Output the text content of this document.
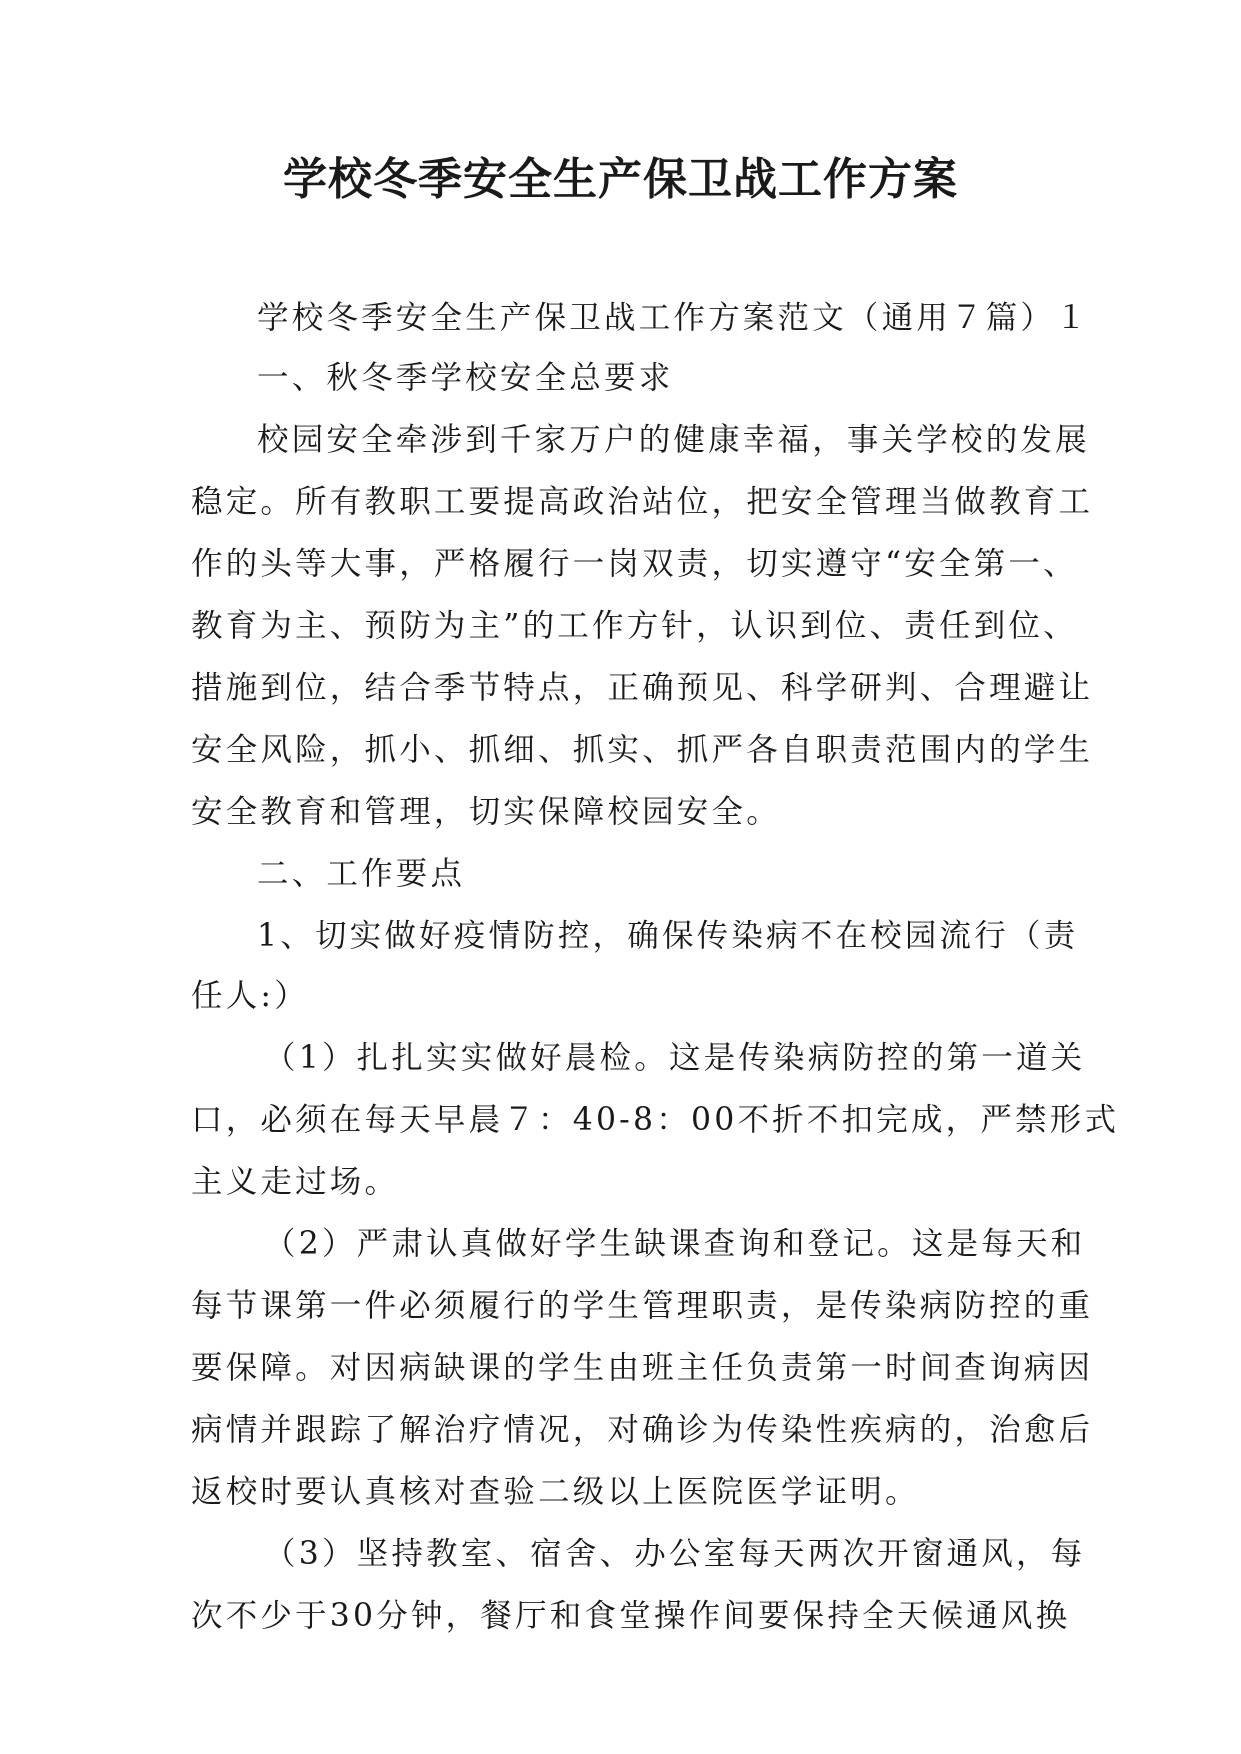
学校冬季安全生产保卫战工作方案
学校冬季安全生产保卫战工作方案范文（通用７篇）１
一、秋冬季学校安全总要求
校园安全牵涉到千家万户的健康幸福，事关学校的发展
稳定。所有教职工要提高政治站位，把安全管理当做教育工
作的头等大事，严格履行一岗双责，切实遵守“安全第一、
教育为主、预防为主”的工作方针，认识到位、责任到位、
措施到位，结合季节特点，正确预见、科学研判、合理避让
安全风险，抓小、抓细、抓实、抓严各自职责范围内的学生
安全教育和管理，切实保障校园安全。
二、工作要点
1、切实做好疫情防控，确保传染病不在校园流行（责
任人:）
（1）扎扎实实做好晨检。这是传染病防控的第一道关
口，必须在每天早晨７：40-8：00不折不扣完成，严禁形式
主义走过场。
（2）严肃认真做好学生缺课查询和登记。这是每天和
每节课第一件必须履行的学生管理职责，是传染病防控的重
要保障。对因病缺课的学生由班主任负责第一时间查询病因
病情并跟踪了解治疗情况，对确诊为传染性疾病的，治愈后
返校时要认真核对查验二级以上医院医学证明。
（3）坚持教室、宿舍、办公室每天两次开窗通风，每
次不少于30分钟，餐厅和食堂操作间要保持全天候通风换
